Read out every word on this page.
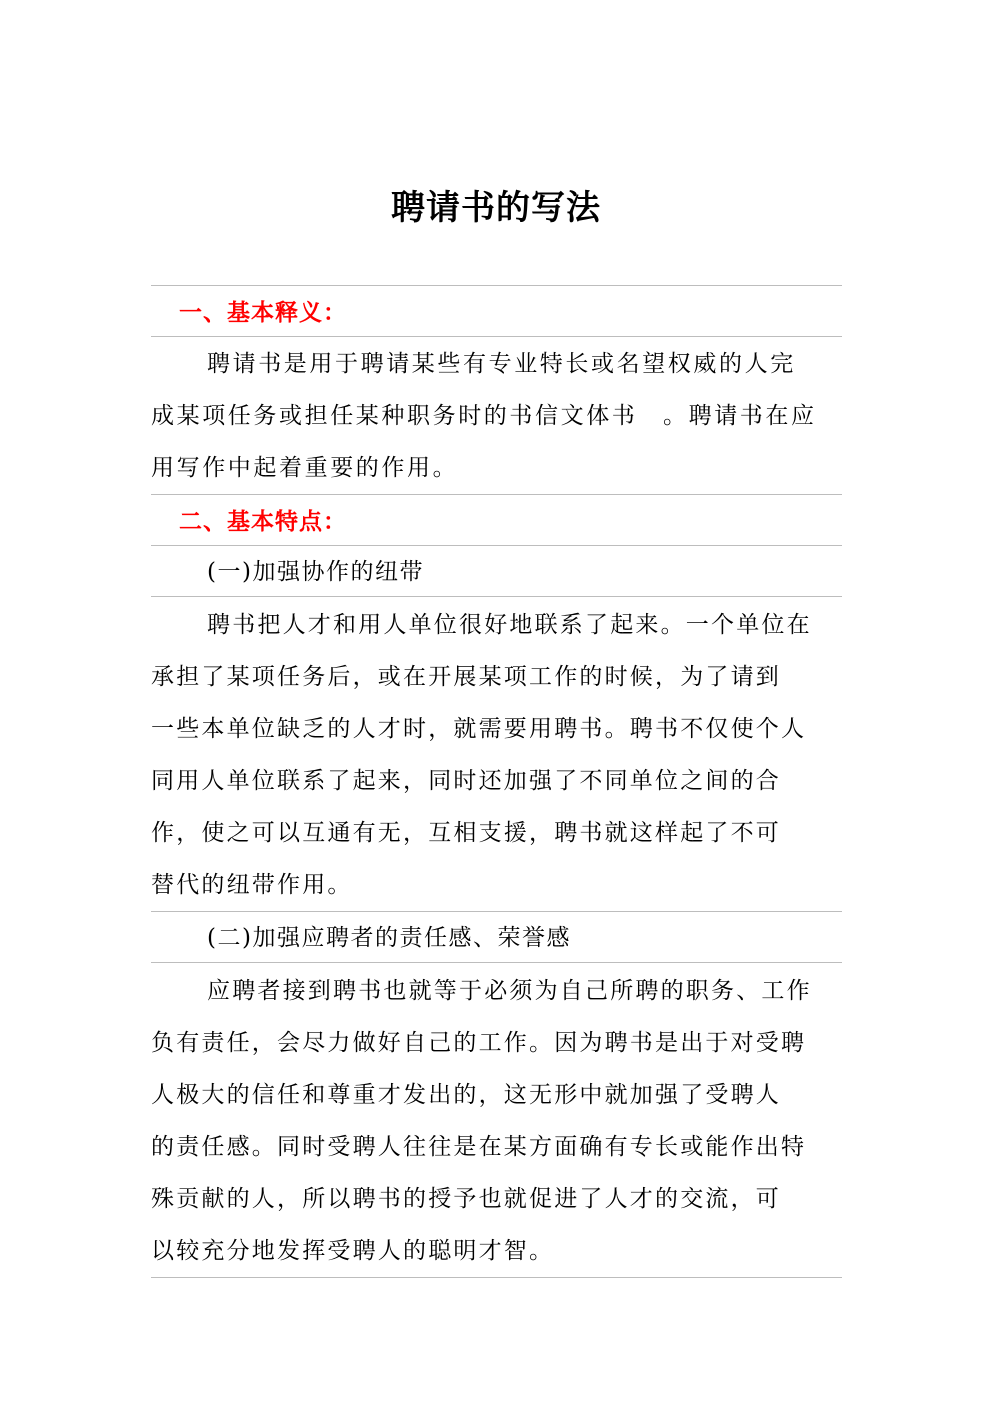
聘请书的写法
一、基本释义：
聘请书是用于聘请某些有专业特长或名望权威的人完
成某项任务或担任某种职务时的书信文体书　。聘请书在应
用写作中起着重要的作用。
二、基本特点：
(一)加强协作的纽带
聘书把人才和用人单位很好地联系了起来。一个单位在
承担了某项任务后，或在开展某项工作的时候，为了请到
一些本单位缺乏的人才时，就需要用聘书。聘书不仅使个人
同用人单位联系了起来，同时还加强了不同单位之间的合
作，使之可以互通有无，互相支援，聘书就这样起了不可
替代的纽带作用。
(二)加强应聘者的责任感、荣誉感
应聘者接到聘书也就等于必须为自己所聘的职务、工作
负有责任，会尽力做好自己的工作。因为聘书是出于对受聘
人极大的信任和尊重才发出的，这无形中就加强了受聘人
的责任感。同时受聘人往往是在某方面确有专长或能作出特
殊贡献的人，所以聘书的授予也就促进了人才的交流，可
以较充分地发挥受聘人的聪明才智。
